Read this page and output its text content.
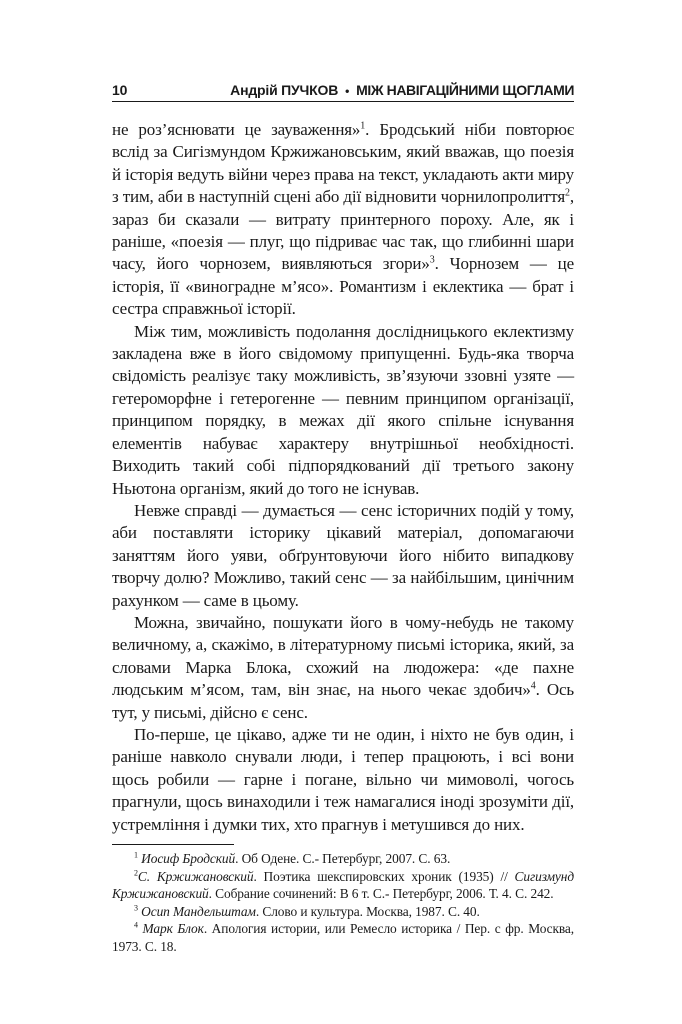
10	Андрій ПУЧКОВ • МІЖ НАВІГАЦІЙНИМИ ЩОГЛАМИ

не роз’яснювати це зауваження»$^1$. Бродський ніби повторює вслід за Сигізмундом Кржижановським, який вважав, що поезія й історія ведуть війни через права на текст, укладають акти миру з тим, аби в наступній сцені або дії відновити чорнилопролиття$^2$, зараз би сказали — витрату принтерного пороху. Але, як і раніше, «поезія — плуг, що підриває час так, що глибинні шари часу, його чорнозем, виявляються згори»$^3$. Чорнозем — це історія, її «виноградне м’ясо». Романтизм і еклектика — брат і сестра справжньої історії.

Між тим, можливість подолання дослідницького еклектизму закладена вже в його свідомому припущенні. Будь-яка творча свідомість реалізує таку можливість, зв’язуючи ззовні узяте — гетероморфне і гетерогенне — певним принципом організації, принципом порядку, в межах дії якого спільне існування елементів набуває характеру внутрішньої необхідності. Виходить такий собі підпорядкований дії третього закону Ньютона організм, який до того не існував.

Невже справді — думається — сенс історичних подій у тому, аби поставляти історику цікавий матеріал, допомагаючи заняттям його уяви, обґрунтовуючи його нібито випадкову творчу долю? Можливо, такий сенс — за найбільшим, цинічним рахунком — саме в цьому.

Можна, звичайно, пошукати його в чому-небудь не такому величному, а, скажімо, в літературному письмі історика, який, за словами Марка Блока, схожий на людожера: «де пахне людським м’ясом, там, він знає, на нього чекає здобич»$^4$. Ось тут, у письмі, дійсно є сенс.

По-перше, це цікаво, адже ти не один, і ніхто не був один, і раніше навколо снували люди, і тепер працюють, і всі вони щось робили — гарне і погане, вільно чи мимоволі, чогось прагнули, щось винаходили і теж намагалися іноді зрозуміти дії, устремління і думки тих, хто прагнув і метушився до них.

$^1$ Иосиф Бродский. Об Одене. С.- Петербург, 2007. С. 63.

$^2$С. Кржижановский. Поэтика шекспировских хроник (1935) // Сигизмунд Кржижановский. Собрание сочинений: В 6 т. С.- Петербург, 2006. Т. 4. С. 242.

$^3$ Осип Мандельштам. Слово и культура. Москва, 1987. С. 40.

$^4$ Марк Блок. Апология истории, или Ремесло историка / Пер. с фр. Москва, 1973. С. 18.
